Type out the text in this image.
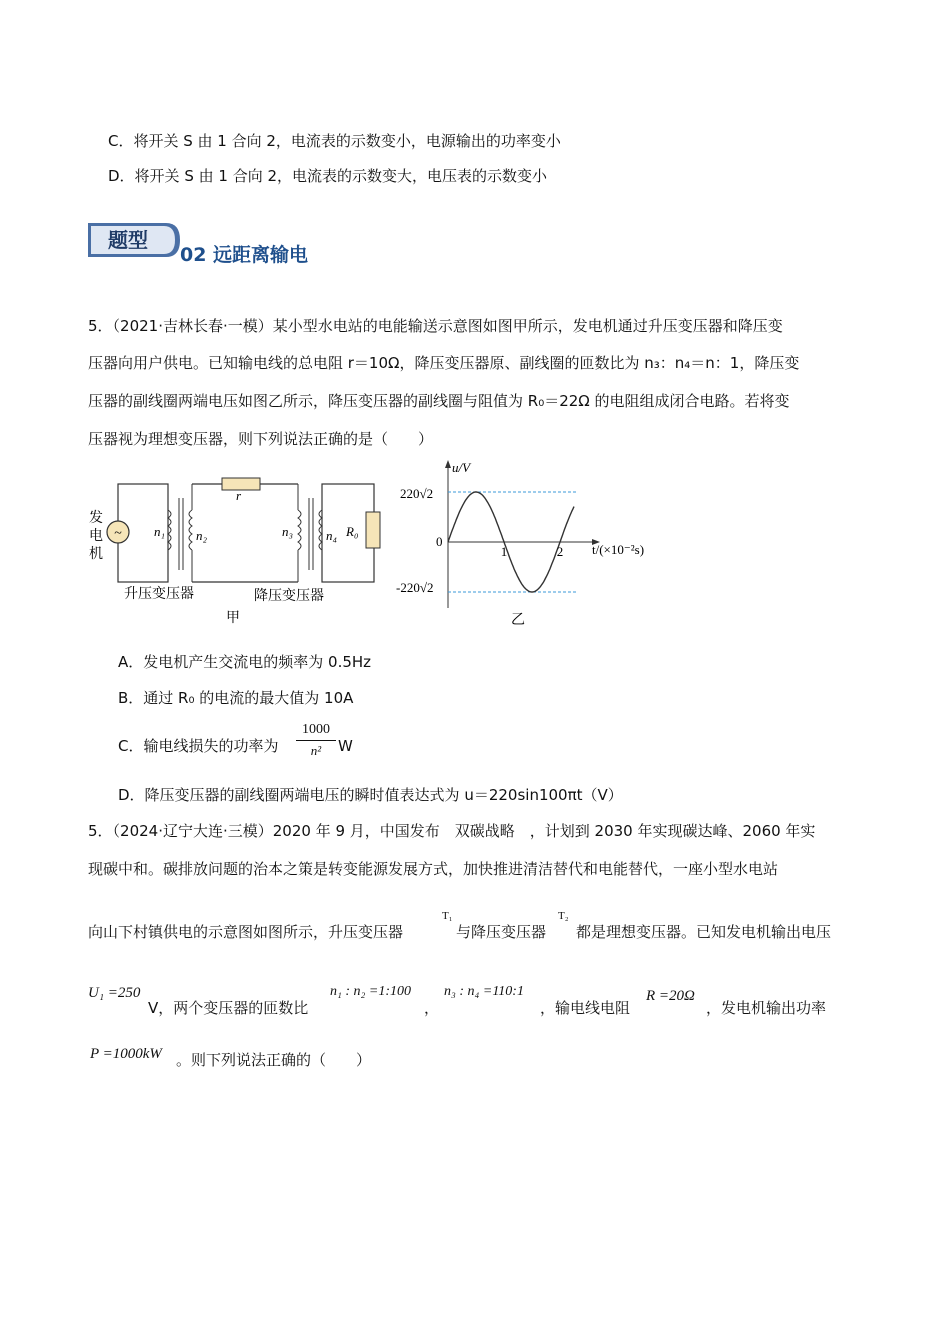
C．将开关 S 由 1 合向 2，电流表的示数变小，电源输出的功率变小
D．将开关 S 由 1 合向 2，电流表的示数变大，电压表的示数变小
题型
02 远距离输电
5．（2021·吉林长春·一模）某小型水电站的电能输送示意图如图甲所示，发电机通过升压变压器和降压变
压器向用户供电。已知输电线的总电阻 r＝10Ω，降压变压器原、副线圈的匝数比为 n₃：n₄＝n：1，降压变
压器的副线圈两端电压如图乙所示，降压变压器的副线圈与阻值为 R₀＝22Ω 的电阻组成闭合电路。若将变
压器视为理想变压器，则下列说法正确的是（　　）
~
发
电
机
n₁ n₂
r
n₃	n₄ R₀
升压变压器	降压变压器
甲
u/V
t/(×10⁻²s)
220√2
0
-220√2
1	2
乙
A．发电机产生交流电的频率为 0.5Hz
B．通过 R₀ 的电流的最大值为 10A
C．输电线损失的功率为
1000
n²	W
D．降压变压器的副线圈两端电压的瞬时值表达式为 u＝220sin100πt（V）
5．（2024·辽宁大连·三模）2020 年 9 月，中国发布　双碳战略　，计划到 2030 年实现碳达峰、2060 年实
现碳中和。碳排放问题的治本之策是转变能源发展方式，加快推进清洁替代和电能替代，一座小型水电站
向山下村镇供电的示意图如图所示，升压变压器
T₁
与降压变压器
T₂
都是理想变压器。已知发电机输出电压
U₁ =250
V，两个变压器的匝数比
n₁ : n₂ =1:100
，
n₃ : n₄ =110:1
，输电线电阻
R =20Ω
，发电机输出功率
P =1000kW 。则下列说法正确的（　　）
